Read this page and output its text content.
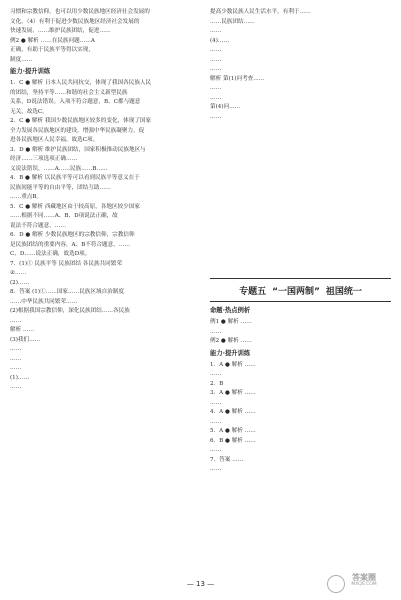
习惯和宗教信仰，也可以用少数民族地区经济社会发展的
文化。（4）有利于促进少数民族地区经济社会发展的
快速发展，……维护民族团结，促进……
例2 ● 解析 ……在民族问题……A
正确，有助于民族平等得以实现，
制度……
能力·提升训练
1．C ● 解析 日本人民共同抗交，体现了我国各民族人民
的团结，坚持平等……和谐的社会主义新型民族
关系，D说法错误。入项不符合题意，B、C都与题意
无关，故选C。
2．C ● 解析 我国少数民族地区较多的变化，体现了国家
全力发展各民族地区的建设，增强中华民族凝聚力，促
进各民族地区人民幸福，故选C项。
3．D ● 解析 维护民族团结，国家积极推动民族地区与
经济……三项选项正确……
义说法错误，……A……民族……B……
4．B ● 解析 以民族平等可以看到民族平等意义在于
民族间能平等的自由平等，团结互助……
……重点B。
5．C ● 解析 西藏地区由于较高原，各地区较少国家
……根据不同……A、B、D项说法正确，故
说法不符合题意，……
6．D ● 解析 少数民族地区的宗教信仰，宗教信仰
是民族团结的重要内容，A、B不符合题意，……
C、D……说法正确，故选D项。
7．(1)① 民族平等 民族团结 各民族共同繁荣
②……
(2)……
8．答案 (1)①……国家……民族区域自治制度
……中华民族共同繁荣……
(2)根据我国宗教信仰，深化民族团结……各民族
……
解析 ……
(3)我们……
……
……
……
(1)……
……
提高少数民族人民生活水平，有利于……
……民族团结……
……
(4)……
……
……
……
解析 第(1)问考查……
……
……
第(4)问……
……
专题五 “一国两制” 祖国统一
命题·热点例析
例1 ● 解析 ……
……
例2 ● 解析 ……
能力·提升训练
1．A ● 解析 ……
……
2．B
3．A ● 解析 ……
……
4．A ● 解析 ……
……
5．A ● 解析 ……
6．B ● 解析 ……
……
7．答案 ……
……
— 13 —
答案圈
MXQE.COM
